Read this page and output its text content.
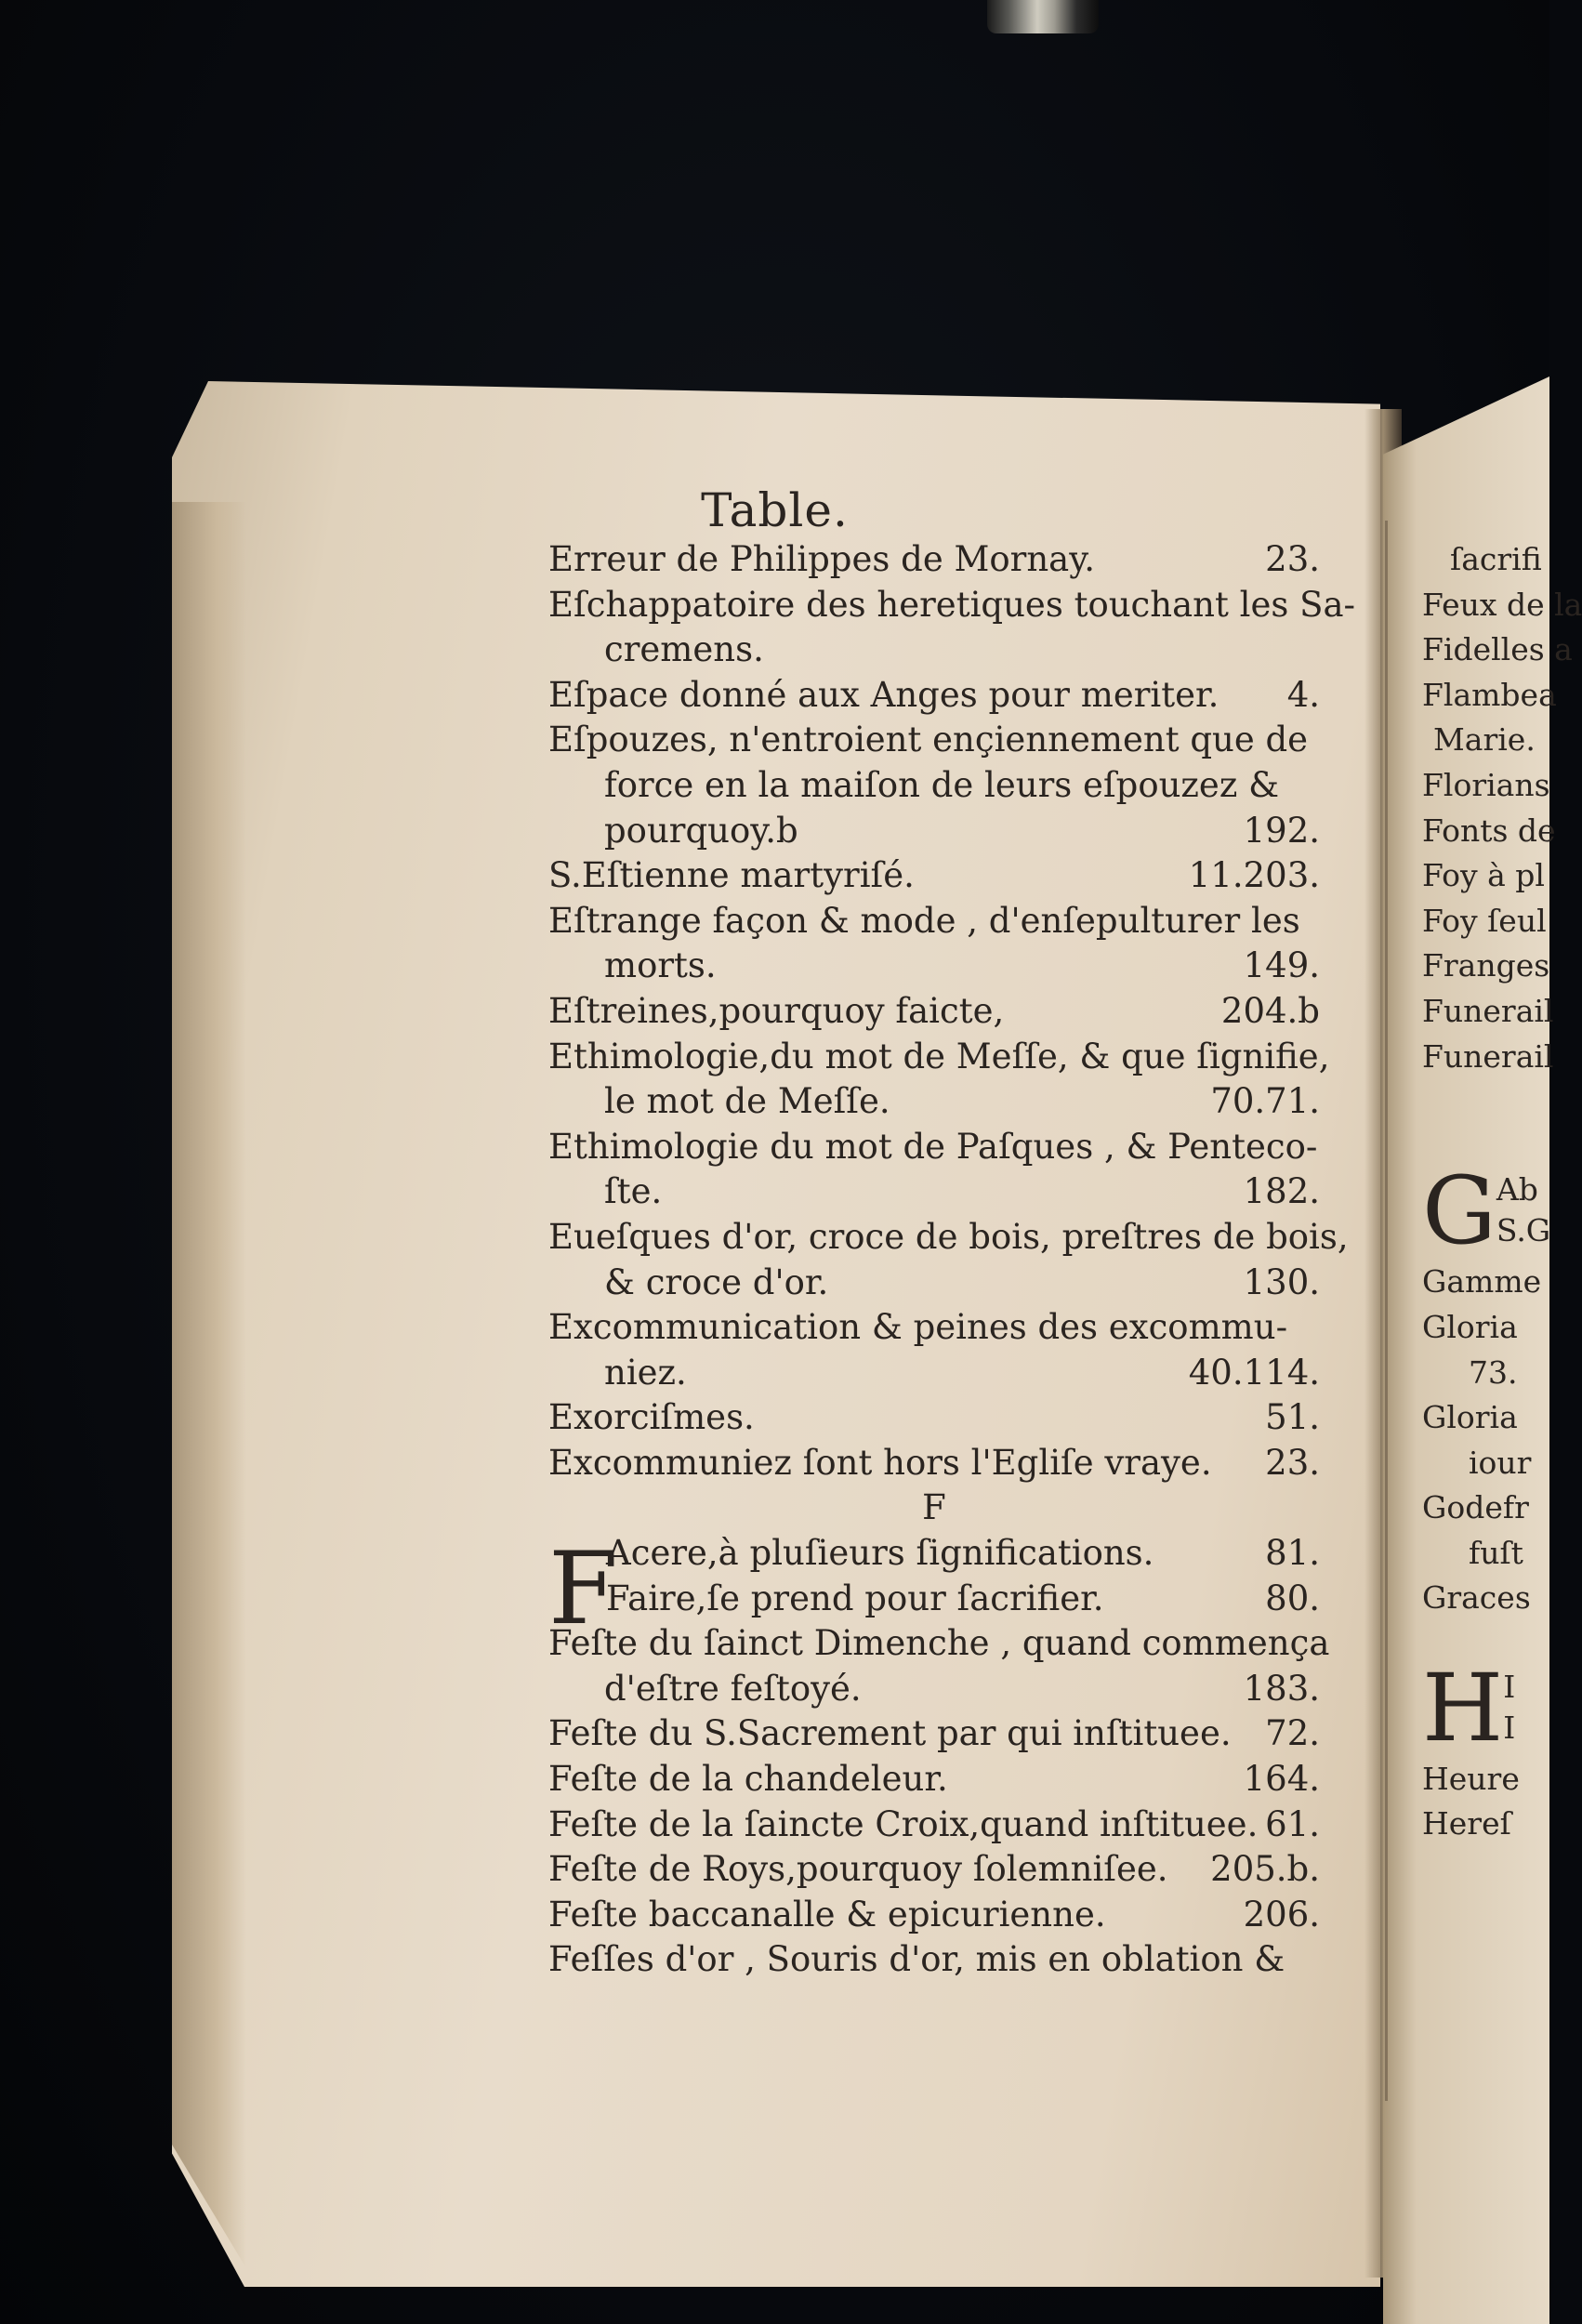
Table.
Erreur de Philippes de Mornay.	23.
Eſchappatoire des heretiques touchant les Sa-
cremens.
Eſpace donné aux Anges pour meriter. 4.
Eſpouzes, n'entroient ençiennement que de
force en la maiſon de leurs eſpouzez &
pourquoy.b	192.
S.Eſtienne martyriſé.	11.203.
Eſtrange façon & mode , d'enſepulturer les
morts.	149.
Eſtreines,pourquoy faicte,	204.b
Ethimologie,du mot de Meſſe, & que ſignifie,
le mot de Meſſe.	70.71.
Ethimologie du mot de Paſques , & Penteco-
ſte.	182.
Eueſques d'or, croce de bois, preſtres de bois,
& croce d'or.	130.
Excommunication & peines des excommu-
niez.	40.114.
Exorciſmes.	51.
Excommuniez ſont hors l'Egliſe vraye. 23.
F
Acere,à pluſieurs ſignifications.	81.
Faire,ſe prend pour ſacrifier.	80.
Feſte du ſainct Dimenche , quand commença
d'eſtre feſtoyé.	183.
Feſte du S.Sacrement par qui inſtituee. 72.
Feſte de la chandeleur.	164.
Feſte de la ſaincte Croix,quand inſtituee. 61.
Feſte de Roys,pourquoy ſolemniſee. 205.b.
Feſte baccanalle & epicurienne.	206.
Feſſes d'or , Souris d'or, mis en oblation &
F
ſacrifi
Feux de la
Fidelles a
Flambea
Marie.
Florians
Fonts de
Foy à pl
Foy ſeul
Franges
Funerail
Funerail
G Ab
S.G
Gamme
Gloria
73.
Gloria
iour
Godefr
fuſt
Graces
H I
I
Heure
Hereſ
